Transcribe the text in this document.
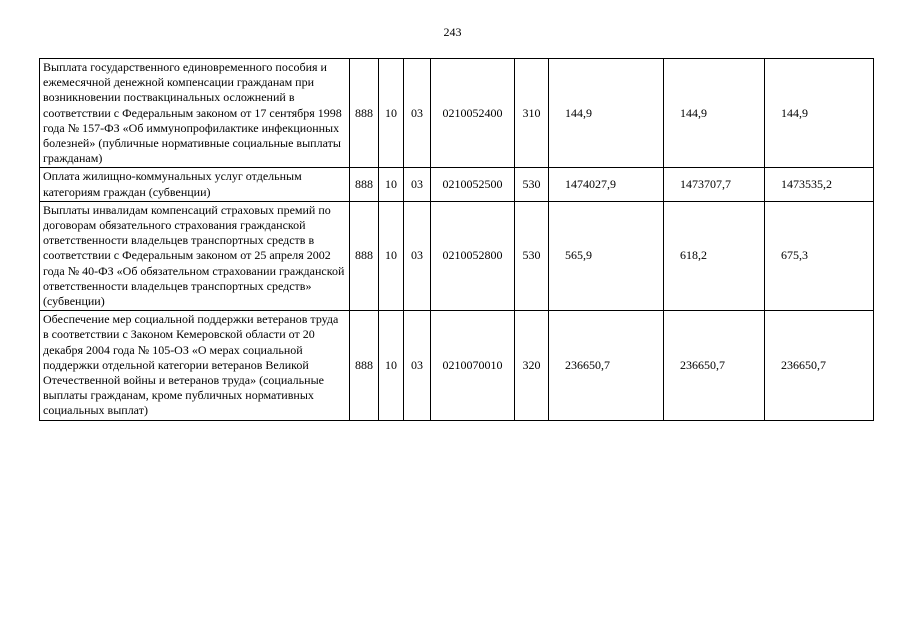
243
Выплата государственного единовременного пособия и ежемесячной денежной компенсации гражданам при возникновении поствакцинальных осложнений в соответствии с Федеральным законом от 17 сентября 1998 года № 157-ФЗ «Об иммунопрофилактике инфекционных болезней» (публичные нормативные социальные выплаты гражданам)	888	10	03	0210052400	310	144,9	144,9	144,9
Оплата жилищно-коммунальных услуг отдельным категориям граждан (субвенции)	888	10	03	0210052500	530	1474027,9	1473707,7	1473535,2
Выплаты инвалидам компенсаций страховых премий по договорам обязательного страхования гражданской ответственности владельцев транспортных средств в соответствии с Федеральным законом от 25 апреля 2002 года № 40-ФЗ «Об обязательном страховании гражданской ответственности владельцев транспортных средств» (субвенции)	888	10	03	0210052800	530	565,9	618,2	675,3
Обеспечение мер социальной поддержки ветеранов труда в соответствии с Законом Кемеровской области от 20 декабря 2004 года № 105-ОЗ «О мерах социальной поддержки отдельной категории ветеранов Великой Отечественной войны и ветеранов труда» (социальные выплаты гражданам, кроме публичных нормативных социальных выплат)	888	10	03	0210070010	320	236650,7	236650,7	236650,7
